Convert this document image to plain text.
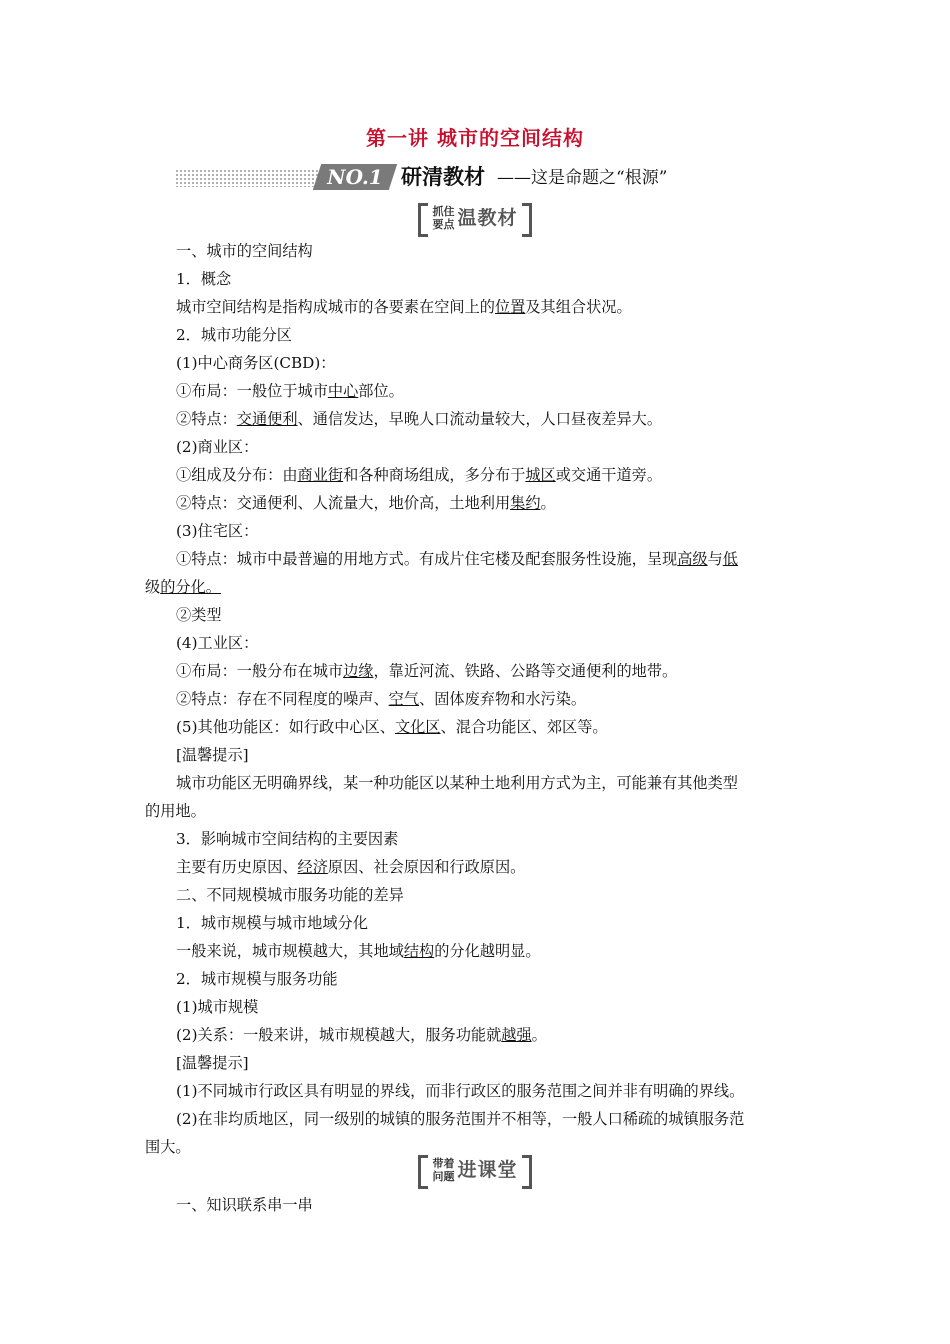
第一讲 城市的空间结构
NO.1 研清教材 ——这是命题之“根源”
抓住
要点 温教材

一、城市的空间结构

1．概念

城市空间结构是指构成城市的各要素在空间上的位置及其组合状况。

2．城市功能分区

(1)中心商务区(CBD)：

①布局：一般位于城市中心部位。

②特点：交通便利、通信发达，早晚人口流动量较大，人口昼夜差异大。

(2)商业区：

①组成及分布：由商业街和各种商场组成，多分布于城区或交通干道旁。

②特点：交通便利、人流量大，地价高，土地利用集约。

(3)住宅区：

①特点：城市中最普遍的用地方式。有成片住宅楼及配套服务性设施，呈现高级与低

级的分化。

②类型

(4)工业区：

①布局：一般分布在城市边缘，靠近河流、铁路、公路等交通便利的地带。

②特点：存在不同程度的噪声、空气、固体废弃物和水污染。

(5)其他功能区：如行政中心区、文化区、混合功能区、郊区等。

[温馨提示]

城市功能区无明确界线，某一种功能区以某种土地利用方式为主，可能兼有其他类型

的用地。

3．影响城市空间结构的主要因素

主要有历史原因、经济原因、社会原因和行政原因。

二、不同规模城市服务功能的差异

1．城市规模与城市地域分化

一般来说，城市规模越大，其地域结构的分化越明显。

2．城市规模与服务功能

(1)城市规模

(2)关系：一般来讲，城市规模越大，服务功能就越强。

[温馨提示]

(1)不同城市行政区具有明显的界线，而非行政区的服务范围之间并非有明确的界线。

(2)在非均质地区，同一级别的城镇的服务范围并不相等，一般人口稀疏的城镇服务范

围大。

带着
问题 进课堂

一、知识联系串一串
